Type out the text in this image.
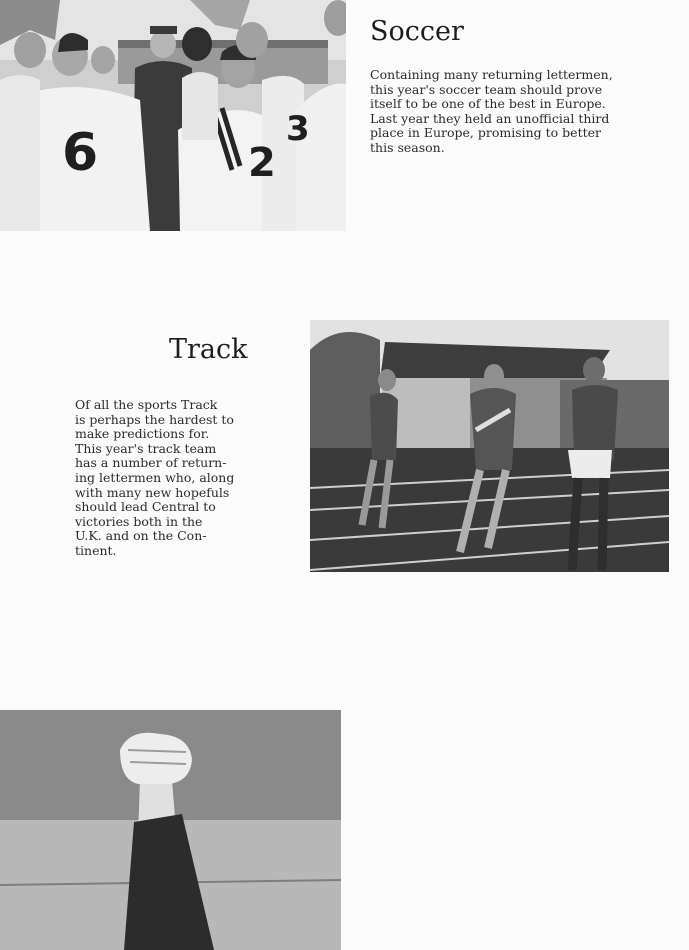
6	2
3
Soccer

Containing many returning lettermen,
this year's soccer team should prove
itself to be one of the best in Europe.
Last year they held an unofficial third
place in Europe, promising to better
this season.

Track

Of all the sports Track
is perhaps the hardest to
make predictions for.
This year's track team
has a number of return-
ing lettermen who, along
with many new hopefuls
should lead Central to
victories both in the
U.K. and on the Con-
tinent.
